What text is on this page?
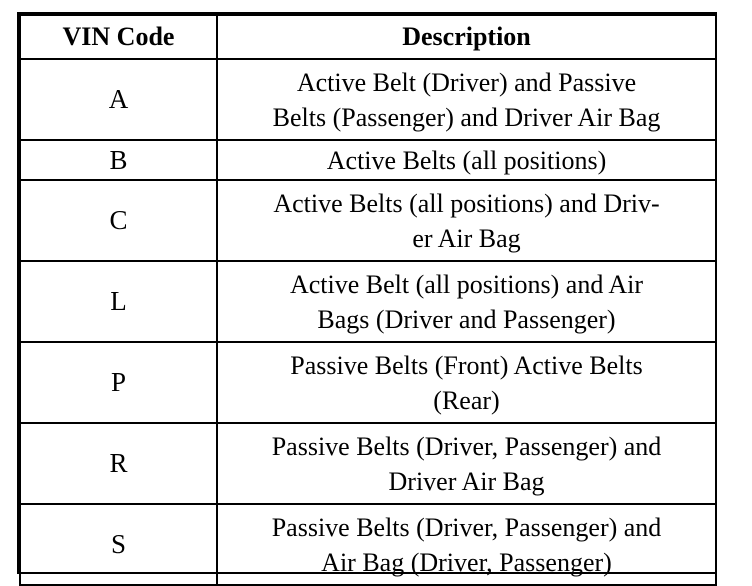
VIN Code	Description
A	Active Belt (Driver) and Passive
Belts (Passenger) and Driver Air Bag
B	Active Belts (all positions)
C	Active Belts (all positions) and Driv-
er Air Bag
L	Active Belt (all positions) and Air
Bags (Driver and Passenger)
P	Passive Belts (Front) Active Belts
(Rear)
R	Passive Belts (Driver, Passenger) and
Driver Air Bag
S	Passive Belts (Driver, Passenger) and
Air Bag (Driver, Passenger)
